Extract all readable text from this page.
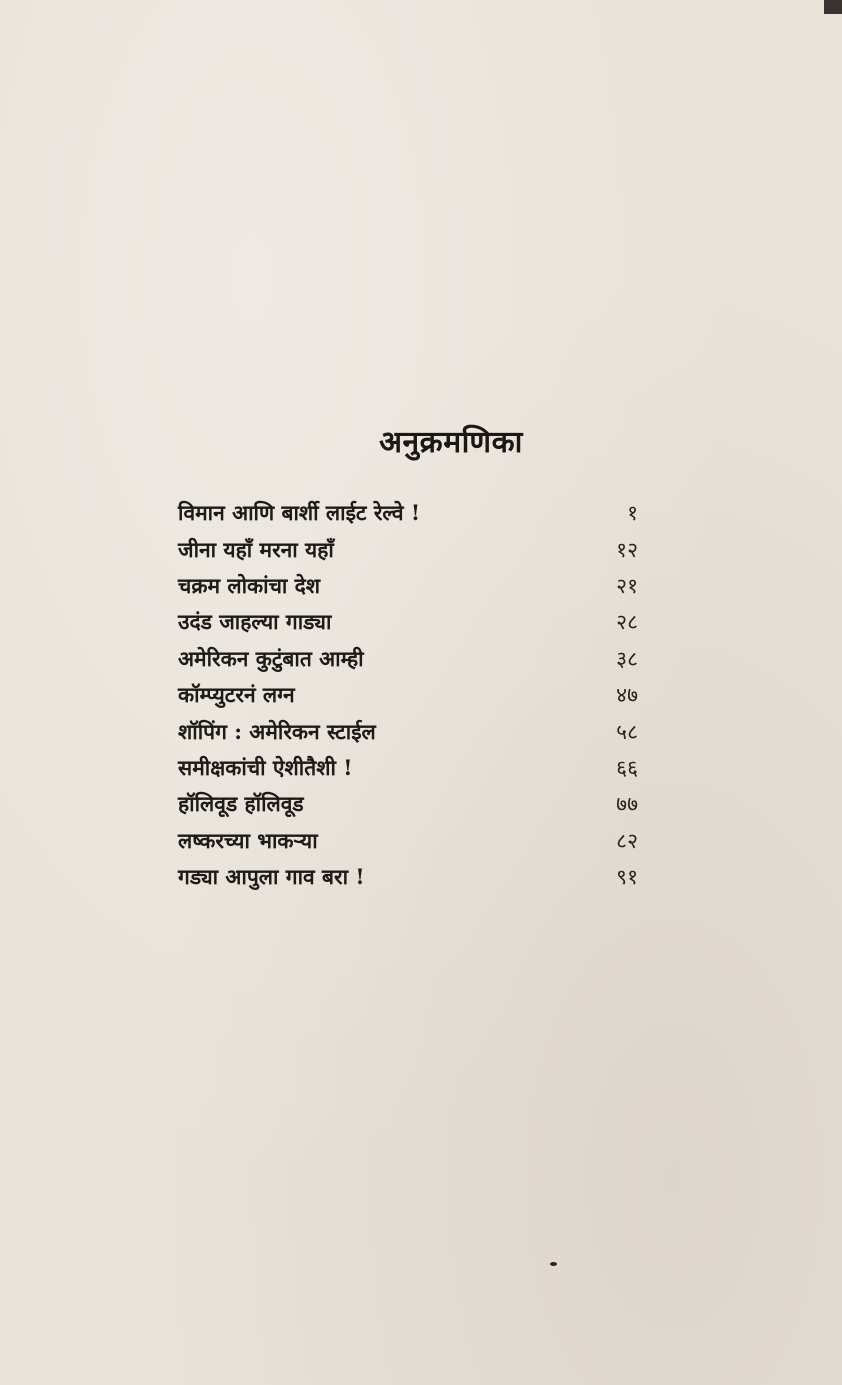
अनुक्रमणिका
विमान आणि बार्शी लाईट रेल्वे !	१
जीना यहाँ मरना यहाँ	१२
चक्रम लोकांचा देश	२१
उदंड जाहल्या गाड्या	२८
अमेरिकन कुटुंबात आम्ही	३८
कॉम्प्युटरनं लग्न	४७
शॉपिंग : अमेरिकन स्टाईल	५८
समीक्षकांची ऐशीतैशी !	६६
हॉलिवूड हॉलिवूड	७७
लष्करच्या भाकऱ्या	८२
गड्या आपुला गाव बरा !	९१
